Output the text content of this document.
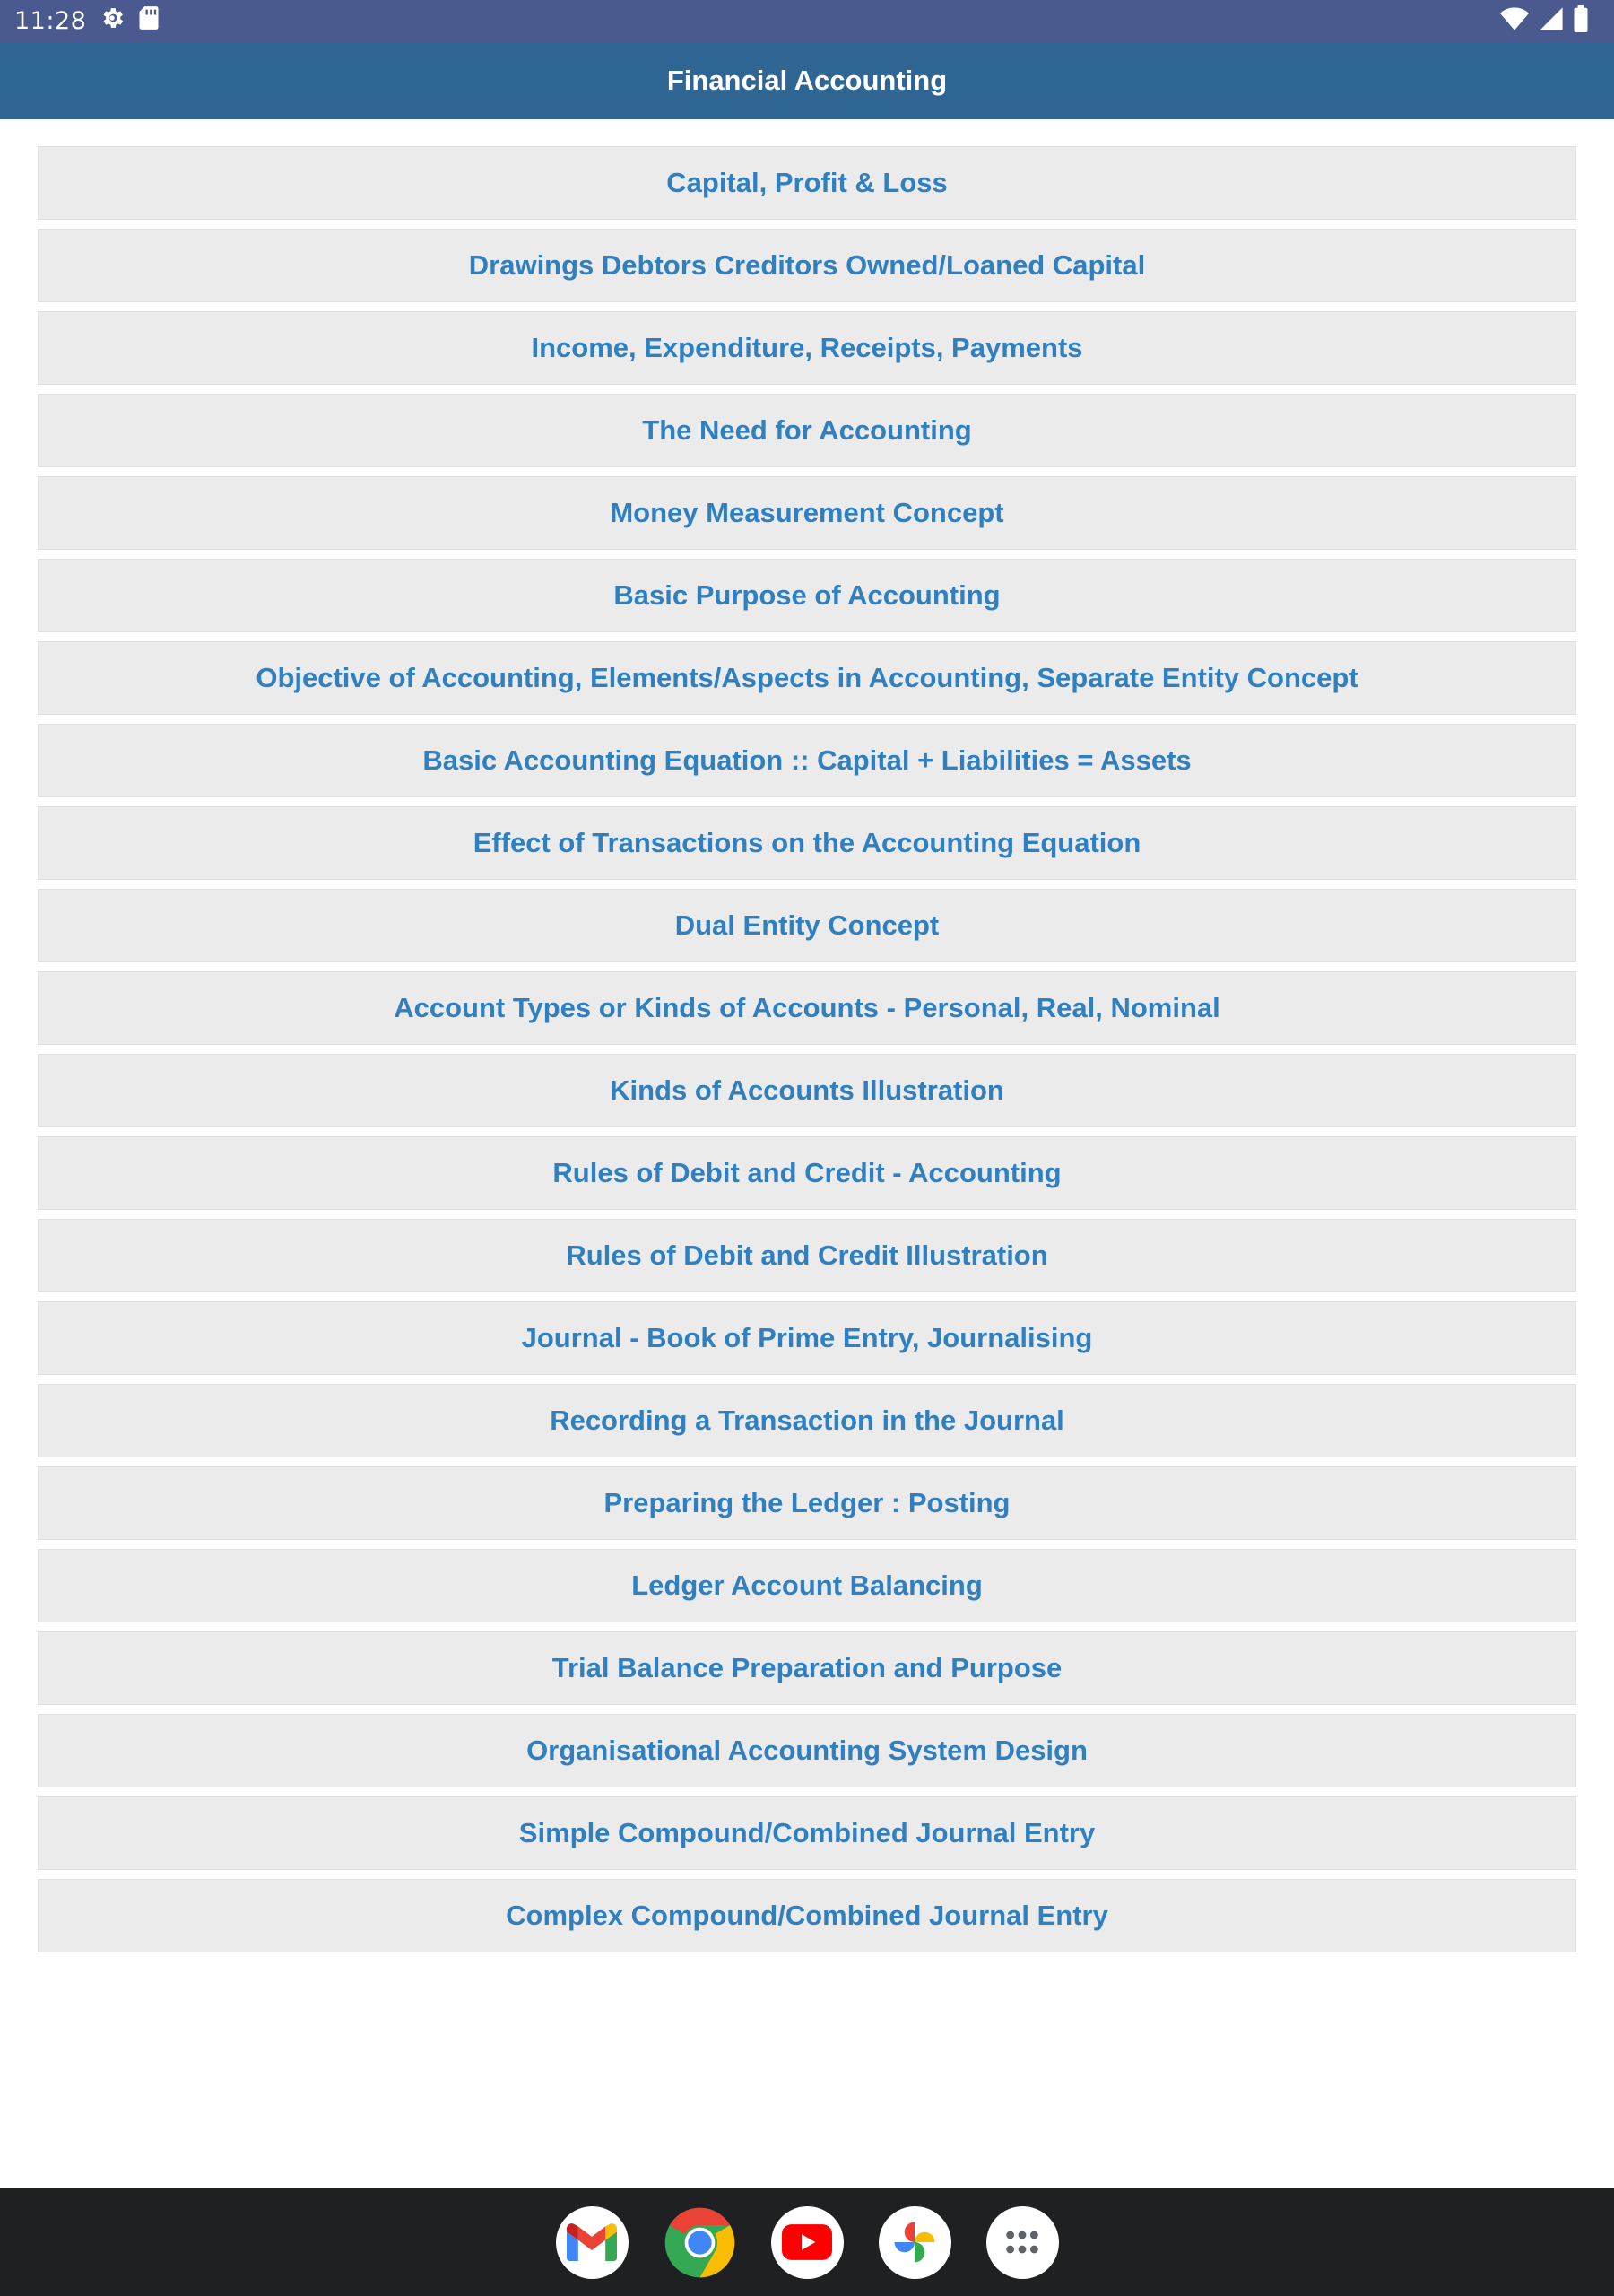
11:28
Financial Accounting
Capital, Profit & Loss
Drawings Debtors Creditors Owned/Loaned Capital
Income, Expenditure, Receipts, Payments
The Need for Accounting
Money Measurement Concept
Basic Purpose of Accounting
Objective of Accounting, Elements/Aspects in Accounting, Separate Entity Concept
Basic Accounting Equation :: Capital + Liabilities = Assets
Effect of Transactions on the Accounting Equation
Dual Entity Concept
Account Types or Kinds of Accounts - Personal, Real, Nominal
Kinds of Accounts Illustration
Rules of Debit and Credit - Accounting
Rules of Debit and Credit Illustration
Journal - Book of Prime Entry, Journalising
Recording a Transaction in the Journal
Preparing the Ledger : Posting
Ledger Account Balancing
Trial Balance Preparation and Purpose
Organisational Accounting System Design
Simple Compound/Combined Journal Entry
Complex Compound/Combined Journal Entry
